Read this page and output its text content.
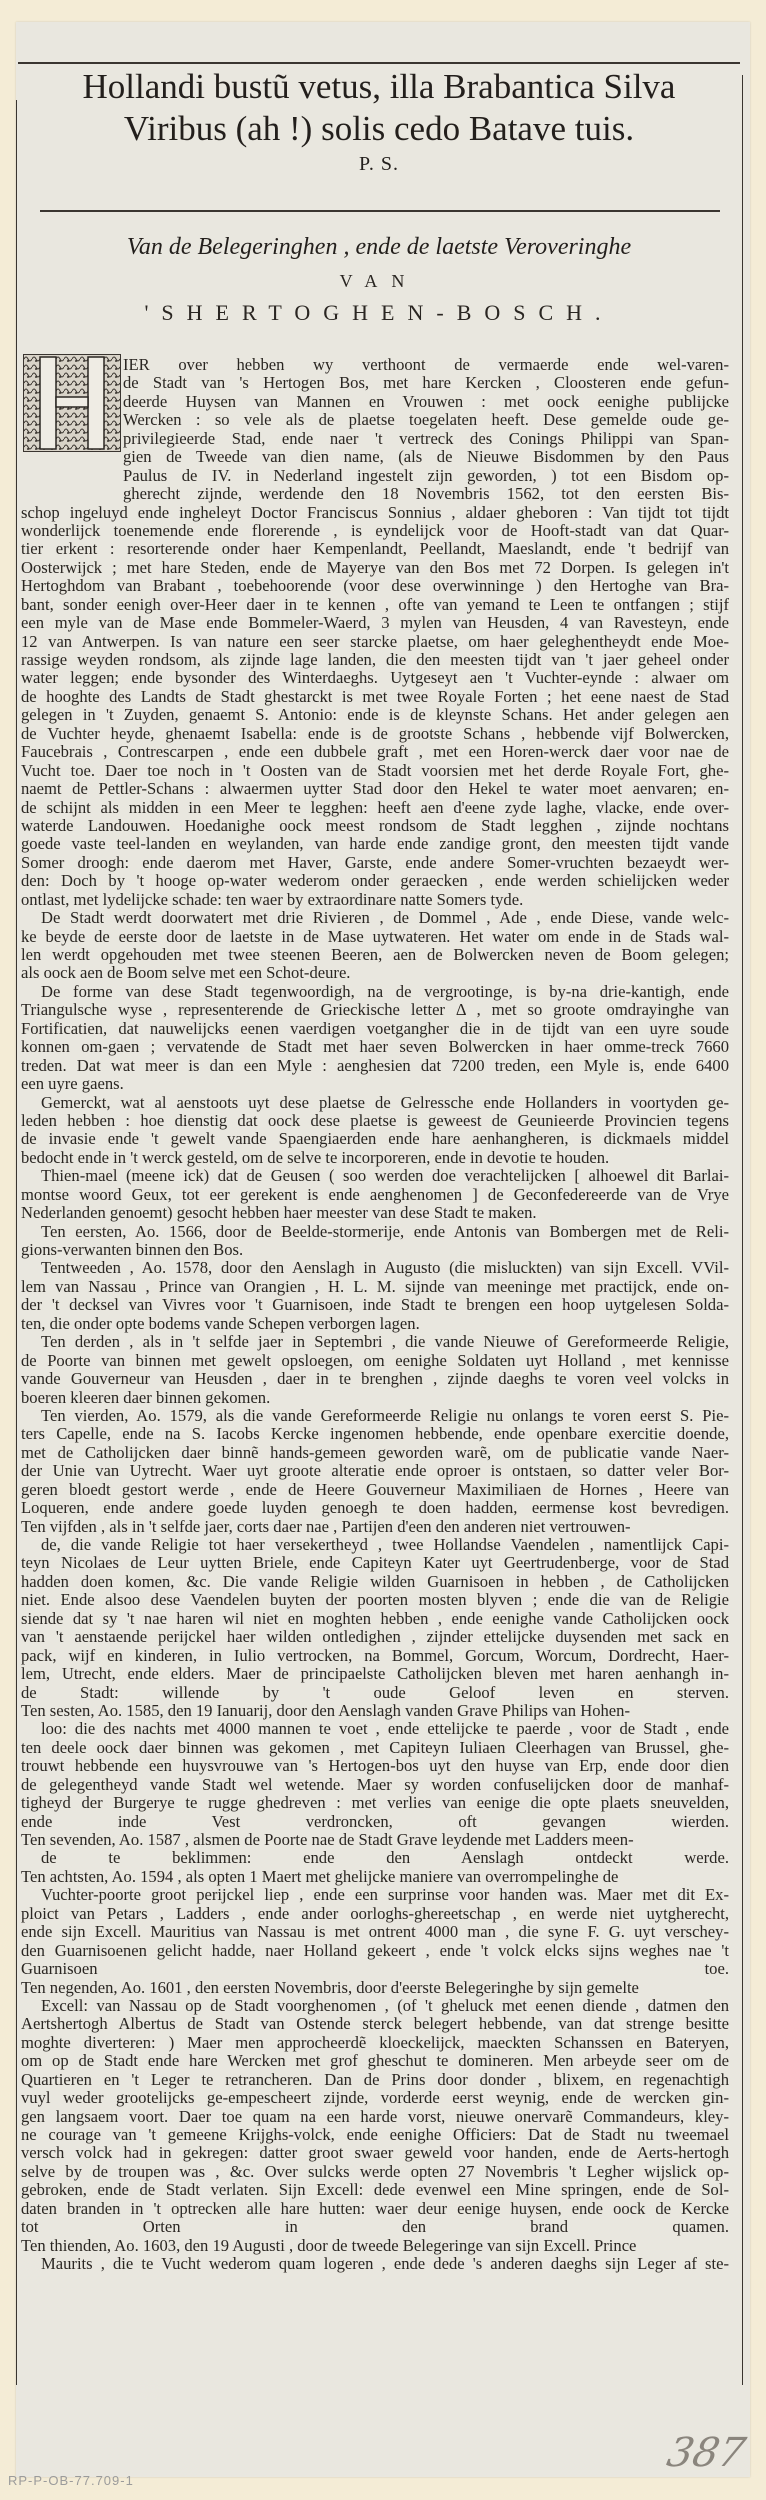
Hollandi bustũ vetus, illa Brabantica Silva
Viribus (ah !) solis cedo Batave tuis.
P. S.
Van de Belegeringhen , ende de laetste Veroveringhe
VAN
'SHERTOGHEN-BOSCH.
IER over hebben wy verthoont de vermaerde ende wel-varen-
de Stadt van 's Hertogen Bos, met hare Kercken , Cloosteren ende gefun-
deerde Huysen van Mannen en Vrouwen : met oock eenighe publijcke
Wercken : so vele als de plaetse toegelaten heeft. Dese gemelde oude ge-
privilegieerde Stad, ende naer 't vertreck des Conings Philippi van Span-
gien de Tweede van dien name, (als de Nieuwe Bisdommen by den Paus
Paulus de IV. in Nederland ingestelt zijn geworden, ) tot een Bisdom op-
gherecht zijnde, werdende den 18 Novembris 1562, tot den eersten Bis-
schop ingeluyd ende ingheleyt Doctor Franciscus Sonnius , aldaer gheboren : Van tijdt tot tijdt
wonderlijck toenemende ende florerende , is eyndelijck voor de Hooft-stadt van dat Quar-
tier erkent : resorterende onder haer Kempenlandt, Peellandt, Maeslandt, ende 't bedrijf van
Oosterwijck ; met hare Steden, ende de Mayerye van den Bos met 72 Dorpen. Is gelegen in't
Hertoghdom van Brabant , toebehoorende (voor dese overwinninge ) den Hertoghe van Bra-
bant, sonder eenigh over-Heer daer in te kennen , ofte van yemand te Leen te ontfangen ; stijf
een myle van de Mase ende Bommeler-Waerd, 3 mylen van Heusden, 4 van Ravesteyn, ende
12 van Antwerpen. Is van nature een seer starcke plaetse, om haer geleghentheydt ende Moe-
rassige weyden rondsom, als zijnde lage landen, die den meesten tijdt van 't jaer geheel onder
water leggen; ende bysonder des Winterdaeghs. Uytgeseyt aen 't Vuchter-eynde : alwaer om
de hooghte des Landts de Stadt ghestarckt is met twee Royale Forten ; het eene naest de Stad
gelegen in 't Zuyden, genaemt S. Antonio: ende is de kleynste Schans. Het ander gelegen aen
de Vuchter heyde, ghenaemt Isabella: ende is de grootste Schans , hebbende vijf Bolwercken,
Faucebrais , Contrescarpen , ende een dubbele graft , met een Horen-werck daer voor nae de
Vucht toe. Daer toe noch in 't Oosten van de Stadt voorsien met het derde Royale Fort, ghe-
naemt de Pettler-Schans : alwaermen uytter Stad door den Hekel te water moet aenvaren; en-
de schijnt als midden in een Meer te legghen: heeft aen d'eene zyde laghe, vlacke, ende over-
waterde Landouwen. Hoedanighe oock meest rondsom de Stadt legghen , zijnde nochtans
goede vaste teel-landen en weylanden, van harde ende zandige gront, den meesten tijdt vande
Somer droogh: ende daerom met Haver, Garste, ende andere Somer-vruchten bezaeydt wer-
den: Doch by 't hooge op-water wederom onder geraecken , ende werden schielijcken weder
ontlast, met lydelijcke schade: ten waer by extraordinare natte Somers tyde.
De Stadt werdt doorwatert met drie Rivieren , de Dommel , Ade , ende Diese, vande welc-
ke beyde de eerste door de laetste in de Mase uytwateren. Het water om ende in de Stads wal-
len werdt opgehouden met twee steenen Beeren, aen de Bolwercken neven de Boom gelegen;
als oock aen de Boom selve met een Schot-deure.
De forme van dese Stadt tegenwoordigh, na de vergrootinge, is by-na drie-kantigh, ende
Triangulsche wyse , representerende de Grieckische letter Δ , met so groote omdrayinghe van
Fortificatien, dat nauwelijcks eenen vaerdigen voetgangher die in de tijdt van een uyre soude
konnen om-gaen ; vervatende de Stadt met haer seven Bolwercken in haer omme-treck 7660
treden. Dat wat meer is dan een Myle : aenghesien dat 7200 treden, een Myle is, ende 6400
een uyre gaens.
Gemerckt, wat al aenstoots uyt dese plaetse de Gelressche ende Hollanders in voortyden ge-
leden hebben : hoe dienstig dat oock dese plaetse is geweest de Geunieerde Provincien tegens
de invasie ende 't gewelt vande Spaengiaerden ende hare aenhangheren, is dickmaels middel
bedocht ende in 't werck gesteld, om de selve te incorporeren, ende in devotie te houden.
Thien-mael (meene ick) dat de Geusen ( soo werden doe verachtelijcken [ alhoewel dit Barlai-
montse woord Geux, tot eer gerekent is ende aenghenomen ] de Geconfedereerde van de Vrye
Nederlanden genoemt) gesocht hebben haer meester van dese Stadt te maken.
Ten eersten, Ao. 1566, door de Beelde-stormerije, ende Antonis van Bombergen met de Reli-
gions-verwanten binnen den Bos.
Tentweeden , Ao. 1578, door den Aenslagh in Augusto (die misluckten) van sijn Excell. VVil-
lem van Nassau , Prince van Orangien , H. L. M. sijnde van meeninge met practijck, ende on-
der 't decksel van Vivres voor 't Guarnisoen, inde Stadt te brengen een hoop uytgelesen Solda-
ten, die onder opte bodems vande Schepen verborgen lagen.
Ten derden , als in 't selfde jaer in Septembri , die vande Nieuwe of Gereformeerde Religie,
de Poorte van binnen met gewelt opsloegen, om eenighe Soldaten uyt Holland , met kennisse
vande Gouverneur van Heusden , daer in te brenghen , zijnde daeghs te voren veel volcks in
boeren kleeren daer binnen gekomen.
Ten vierden, Ao. 1579, als die vande Gereformeerde Religie nu onlangs te voren eerst S. Pie-
ters Capelle, ende na S. Iacobs Kercke ingenomen hebbende, ende openbare exercitie doende,
met de Catholijcken daer binnẽ hands-gemeen geworden warẽ, om de publicatie vande Naer-
der Unie van Uytrecht. Waer uyt groote alteratie ende oproer is ontstaen, so datter veler Bor-
geren bloedt gestort werde , ende de Heere Gouverneur Maximiliaen de Hornes , Heere van
Loqueren, ende andere goede luyden genoegh te doen hadden, eermense kost bevredigen.
Ten vijfden , als in 't selfde jaer, corts daer nae , Partijen d'een den anderen niet vertrouwen-
de, die vande Religie tot haer versekertheyd , twee Hollandse Vaendelen , namentlijck Capi-
teyn Nicolaes de Leur uytten Briele, ende Capiteyn Kater uyt Geertrudenberge, voor de Stad
hadden doen komen, &c. Die vande Religie wilden Guarnisoen in hebben , de Catholijcken
niet. Ende alsoo dese Vaendelen buyten der poorten mosten blyven ; ende die van de Religie
siende dat sy 't nae haren wil niet en moghten hebben , ende eenighe vande Catholijcken oock
van 't aenstaende perijckel haer wilden ontledighen , zijnder ettelijcke duysenden met sack en
pack, wijf en kinderen, in Iulio vertrocken, na Bommel, Gorcum, Worcum, Dordrecht, Haer-
lem, Utrecht, ende elders. Maer de principaelste Catholijcken bleven met haren aenhangh in-
de Stadt: willende by 't oude Geloof leven en sterven.
Ten sesten, Ao. 1585, den 19 Ianuarij, door den Aenslagh vanden Grave Philips van Hohen-
loo: die des nachts met 4000 mannen te voet , ende ettelijcke te paerde , voor de Stadt , ende
ten deele oock daer binnen was gekomen , met Capiteyn Iuliaen Cleerhagen van Brussel, ghe-
trouwt hebbende een huysvrouwe van 's Hertogen-bos uyt den huyse van Erp, ende door dien
de gelegentheyd vande Stadt wel wetende. Maer sy worden confuselijcken door de manhaf-
tigheyd der Burgerye te rugge ghedreven : met verlies van eenige die opte plaets sneuvelden,
ende inde Vest verdroncken, oft gevangen wierden.
Ten sevenden, Ao. 1587 , alsmen de Poorte nae de Stadt Grave leydende met Ladders meen-
de te beklimmen: ende den Aenslagh ontdeckt werde.
Ten achtsten, Ao. 1594 , als opten 1 Maert met ghelijcke maniere van overrompelinghe de
Vuchter-poorte groot perijckel liep , ende een surprinse voor handen was. Maer met dit Ex-
ploict van Petars , Ladders , ende ander oorloghs-ghereetschap , en werde niet uytgherecht,
ende sijn Excell. Mauritius van Nassau is met ontrent 4000 man , die syne F. G. uyt verschey-
den Guarnisoenen gelicht hadde, naer Holland gekeert , ende 't volck elcks sijns weghes nae 't
Guarnisoen toe.
Ten negenden, Ao. 1601 , den eersten Novembris, door d'eerste Belegeringhe by sijn gemelte
Excell: van Nassau op de Stadt voorghenomen , (of 't gheluck met eenen diende , datmen den
Aertshertogh Albertus de Stadt van Ostende sterck belegert hebbende, van dat strenge besitte
moghte diverteren: ) Maer men approcheerdẽ kloeckelijck, maeckten Schanssen en Bateryen,
om op de Stadt ende hare Wercken met grof gheschut te domineren. Men arbeyde seer om de
Quartieren en 't Leger te retrancheren. Dan de Prins door donder , blixem, en regenachtigh
vuyl weder grootelijcks ge-empescheert zijnde, vorderde eerst weynig, ende de wercken gin-
gen langsaem voort. Daer toe quam na een harde vorst, nieuwe onervarẽ Commandeurs, kley-
ne courage van 't gemeene Krijghs-volck, ende eenighe Officiers: Dat de Stadt nu tweemael
versch volck had in gekregen: datter groot swaer geweld voor handen, ende de Aerts-hertogh
selve by de troupen was , &c. Over sulcks werde opten 27 Novembris 't Legher wijslick op-
gebroken, ende de Stadt verlaten. Sijn Excell: dede evenwel een Mine springen, ende de Sol-
daten branden in 't optrecken alle hare hutten: waer deur eenige huysen, ende oock de Kercke
tot Orten in den brand quamen.
Ten thienden, Ao. 1603, den 19 Augusti , door de tweede Belegeringe van sijn Excell. Prince
Maurits , die te Vucht wederom quam logeren , ende dede 's anderen daeghs sijn Leger af ste-
387
RP-P-OB-77.709-1
